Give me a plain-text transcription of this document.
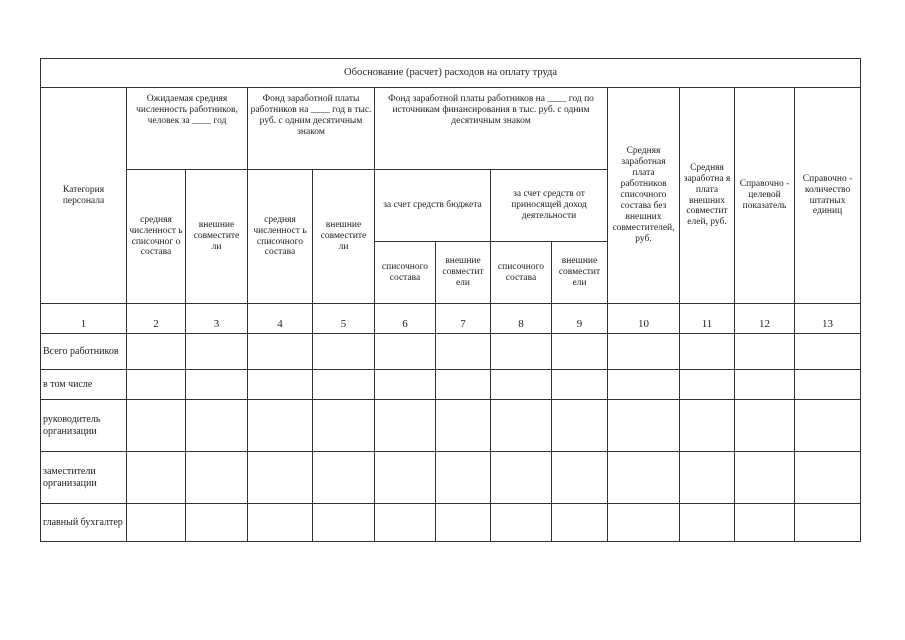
Обоснование (расчет) расходов на оплату труда												
Категория персонала	Ожидаемая средняя численность работников, человек за ____ год		Фонд заработной платы работников на ____ год в тыс. руб. с одним десятичным знаком		Фонд заработной платы работников на ____ год по источникам финансирования в тыс. руб. с одним десятичным знаком				Средняя заработная плата работников списочного состава без внешних совместителей, руб.	Средняя заработна я плата внешних совместит елей, руб.	Справочно - целевой показатель	Справочно - количество штатных единиц
	средняя численност ь списочног о состава	внешние совместите ли	средняя численност ь списочного состава	внешние совместите ли	за счет средств бюджета		за счет средств от приносящей доход деятельности					
					списочного состава	внешние совместит ели	списочного состава	внешние совместит ели				
1	2	3	4	5	6	7	8	9	10	11	12	13
Всего работников												
в том числе												
руководитель организации												
заместители организации												
главный бухгалтер												
